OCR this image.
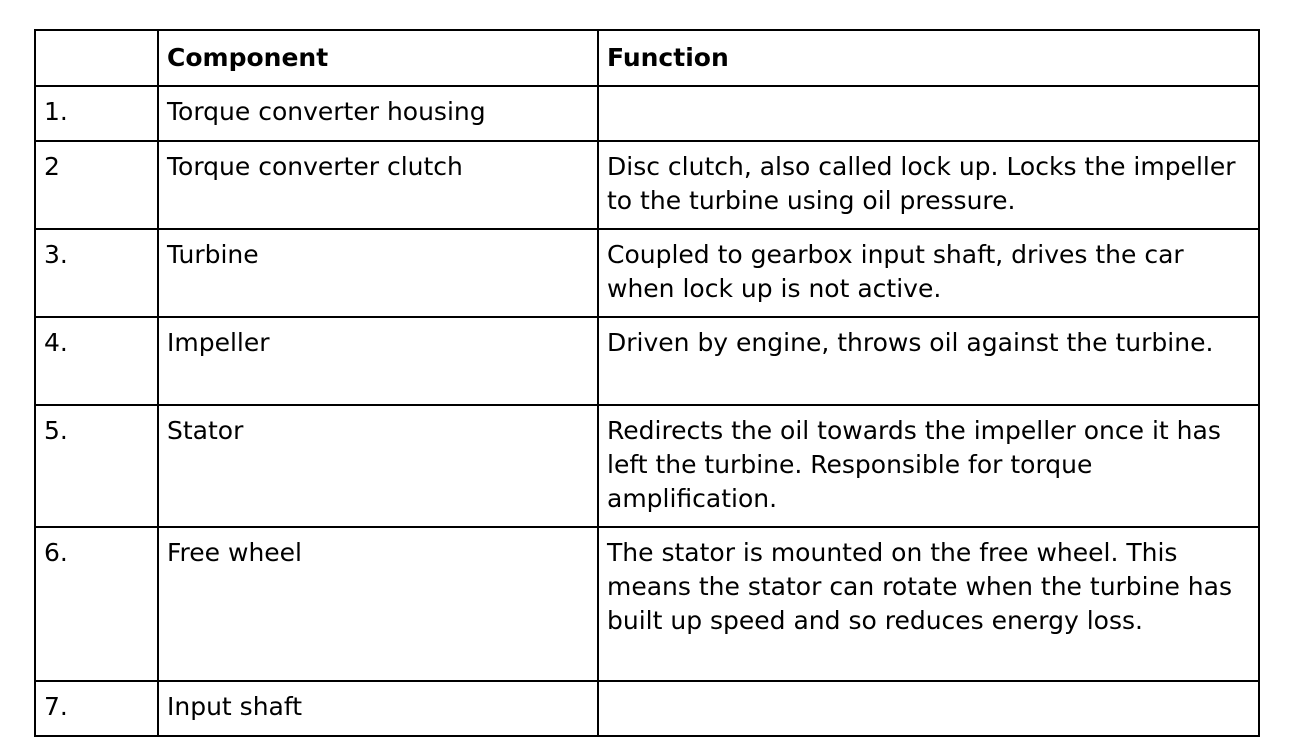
	Component	Function
1.	Torque converter housing	
2	Torque converter clutch	Disc clutch, also called lock up. Locks the impeller to the turbine using oil pressure.
3.	Turbine	Coupled to gearbox input shaft, drives the car when lock up is not active.
4.	Impeller	Driven by engine, throws oil against the turbine.
5.	Stator	Redirects the oil towards the impeller once it has left the turbine. Responsible for torque amplification.
6.	Free wheel	The stator is mounted on the free wheel. This means the stator can rotate when the turbine has built up speed and so reduces energy loss.
7.	Input shaft	
